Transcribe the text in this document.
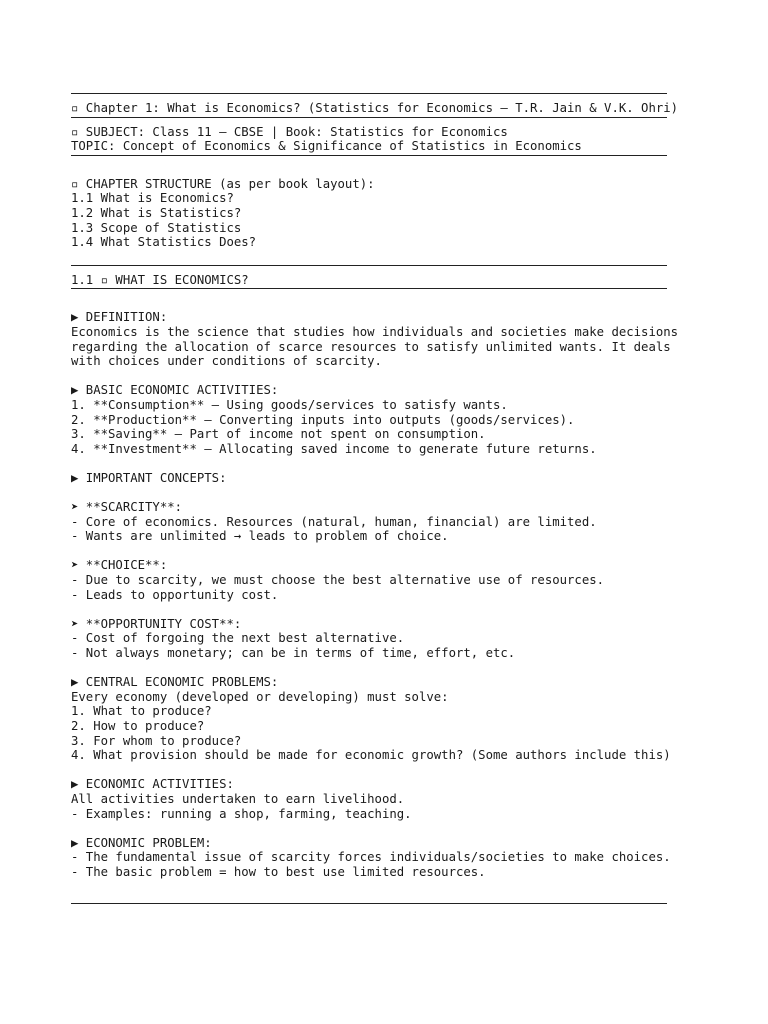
▫ Chapter 1: What is Economics? (Statistics for Economics – T.R. Jain & V.K. Ohri)
▫ SUBJECT: Class 11 – CBSE | Book: Statistics for Economics
TOPIC: Concept of Economics & Significance of Statistics in Economics
▫ CHAPTER STRUCTURE (as per book layout):
1.1 What is Economics?
1.2 What is Statistics?
1.3 Scope of Statistics
1.4 What Statistics Does?
1.1 ▫ WHAT IS ECONOMICS?
▶ DEFINITION:
Economics is the science that studies how individuals and societies make decisions
regarding the allocation of scarce resources to satisfy unlimited wants. It deals
with choices under conditions of scarcity.
▶ BASIC ECONOMIC ACTIVITIES:
1. **Consumption** – Using goods/services to satisfy wants.
2. **Production** – Converting inputs into outputs (goods/services).
3. **Saving** – Part of income not spent on consumption.
4. **Investment** – Allocating saved income to generate future returns.
▶ IMPORTANT CONCEPTS:
➤ **SCARCITY**:
- Core of economics. Resources (natural, human, financial) are limited.
- Wants are unlimited → leads to problem of choice.
➤ **CHOICE**:
- Due to scarcity, we must choose the best alternative use of resources.
- Leads to opportunity cost.
➤ **OPPORTUNITY COST**:
- Cost of forgoing the next best alternative.
- Not always monetary; can be in terms of time, effort, etc.
▶ CENTRAL ECONOMIC PROBLEMS:
Every economy (developed or developing) must solve:
1. What to produce?
2. How to produce?
3. For whom to produce?
4. What provision should be made for economic growth? (Some authors include this)
▶ ECONOMIC ACTIVITIES:
All activities undertaken to earn livelihood.
- Examples: running a shop, farming, teaching.
▶ ECONOMIC PROBLEM:
- The fundamental issue of scarcity forces individuals/societies to make choices.
- The basic problem = how to best use limited resources.
